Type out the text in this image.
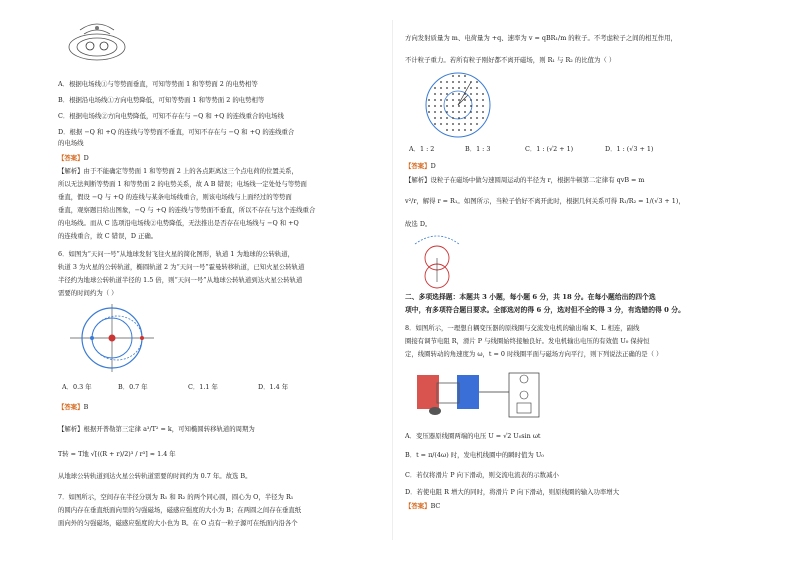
A．根据电场线①与等势面垂直，可知等势面 1 和等势面 2 的电势相等
B．根据沿电场线①方向电势降低，可知等势面 1 和等势面 2 的电势相等
C．根据电场线②方向电势降低，可知不存在与 −Q 和 +Q 的连线重合的电场线
D．根据 −Q 和 +Q 的连线与等势面不垂直，可知不存在与 −Q 和 +Q 的连线重合
的电场线
【答案】D
【解析】由于不能确定等势面 1 和等势面 2 上的各点距离这三个点电荷的位置关系，
所以无法判断等势面 1 和等势面 2 的电势关系，故 A B 错误；电场线一定处处与等势面
垂直，假设 −Q 与 +Q 的连线与某条电场线重合，则该电场线与上面经过的等势面
垂直，观察题目给出图象，−Q 与 +Q 的连线与等势面不垂直，所以不存在与这个连线重合
的电场线。而从 C 选项沿电场线②电势降低，无法推出是否存在电场线与 −Q 和 +Q
的连线重合，故 C 错误，D 正确。
6．如图为“天问一号”从地球发射飞往火星的简化图形，轨道 1 为地球的公转轨道，
轨道 3 为火星的公转轨道，椭圆轨道 2 为“天问一号”霍曼转移轨道，已知火星公转轨道
半径约为地球公转轨道半径的 1.5 倍，则“天问一号”从地球公转轨道到达火星公转轨道
需要的时间约为（ ）
A．0.3 年	B．0.7 年	C．1.1 年	D．1.4 年
【答案】B
【解析】根据开普勒第三定律 a³/T² = k，可知椭圆转移轨道的周期为
T转 = T地 √[((R + r)/2)³ / r³] ≈ 1.4 年
从地球公转轨道到达火星公转轨道需要的时间约为 0.7 年。故选 B。
7．如图所示，空间存在半径分别为 R₁ 和 R₂ 的两个同心圆，圆心为 O，半径为 R₁
的圆内存在垂直纸面向里的匀强磁场，磁感应强度的大小为 B；在两圆之间存在垂直纸
面向外的匀强磁场，磁感应强度的大小也为 B。在 O 点有一粒子源可在纸面内沿各个
方向发射质量为 m、电荷量为 +q、速率为 v = qBR₁/m 的粒子。不考虑粒子之间的相互作用，
不计粒子重力。若所有粒子刚好都不离开磁场，则 R₁ 与 R₂ 的比值为（ ）
A．1 : 2	B．1 : 3	C．1 : (√2 + 1)	D．1 : (√3 + 1)
【答案】D
【解析】设粒子在磁场中做匀速圆周运动的半径为 r，根据牛顿第二定律有 qvB = m
v²/r，解得 r = R₁。如图所示，当粒子恰好不离开此时，根据几何关系可得 R₁/R₂ = 1/(√3 + 1)，
故选 D。
二、多项选择题：本题共 3 小题，每小题 6 分，共 18 分。在每小题给出的四个选
项中，有多项符合题目要求。全部选对的得 6 分，选对但不全的得 3 分，有选错的得 0 分。
8．如图所示，一理想自耦变压器的原线圈与交流发电机的输出端 K、L 相连，副线
圈接有调节电阻 R，滑片 P 与线圈始终接触良好。发电机输出电压的有效值 U₀ 保持恒
定，线圈转动的角速度为 ω，t = 0 时线圈平面与磁场方向平行，则下列说法正确的是（ ）
A．变压器原线圈两端的电压 U = √2 U₀sin ωt
B．t = π/(4ω) 时，发电机线圈中的瞬时值为 U₀
C．若仅将滑片 P 向下滑动，则交流电流表的示数减小
D．若使电阻 R 增大的同时，将滑片 P 向下滑动，则原线圈的输入功率增大
【答案】BC
